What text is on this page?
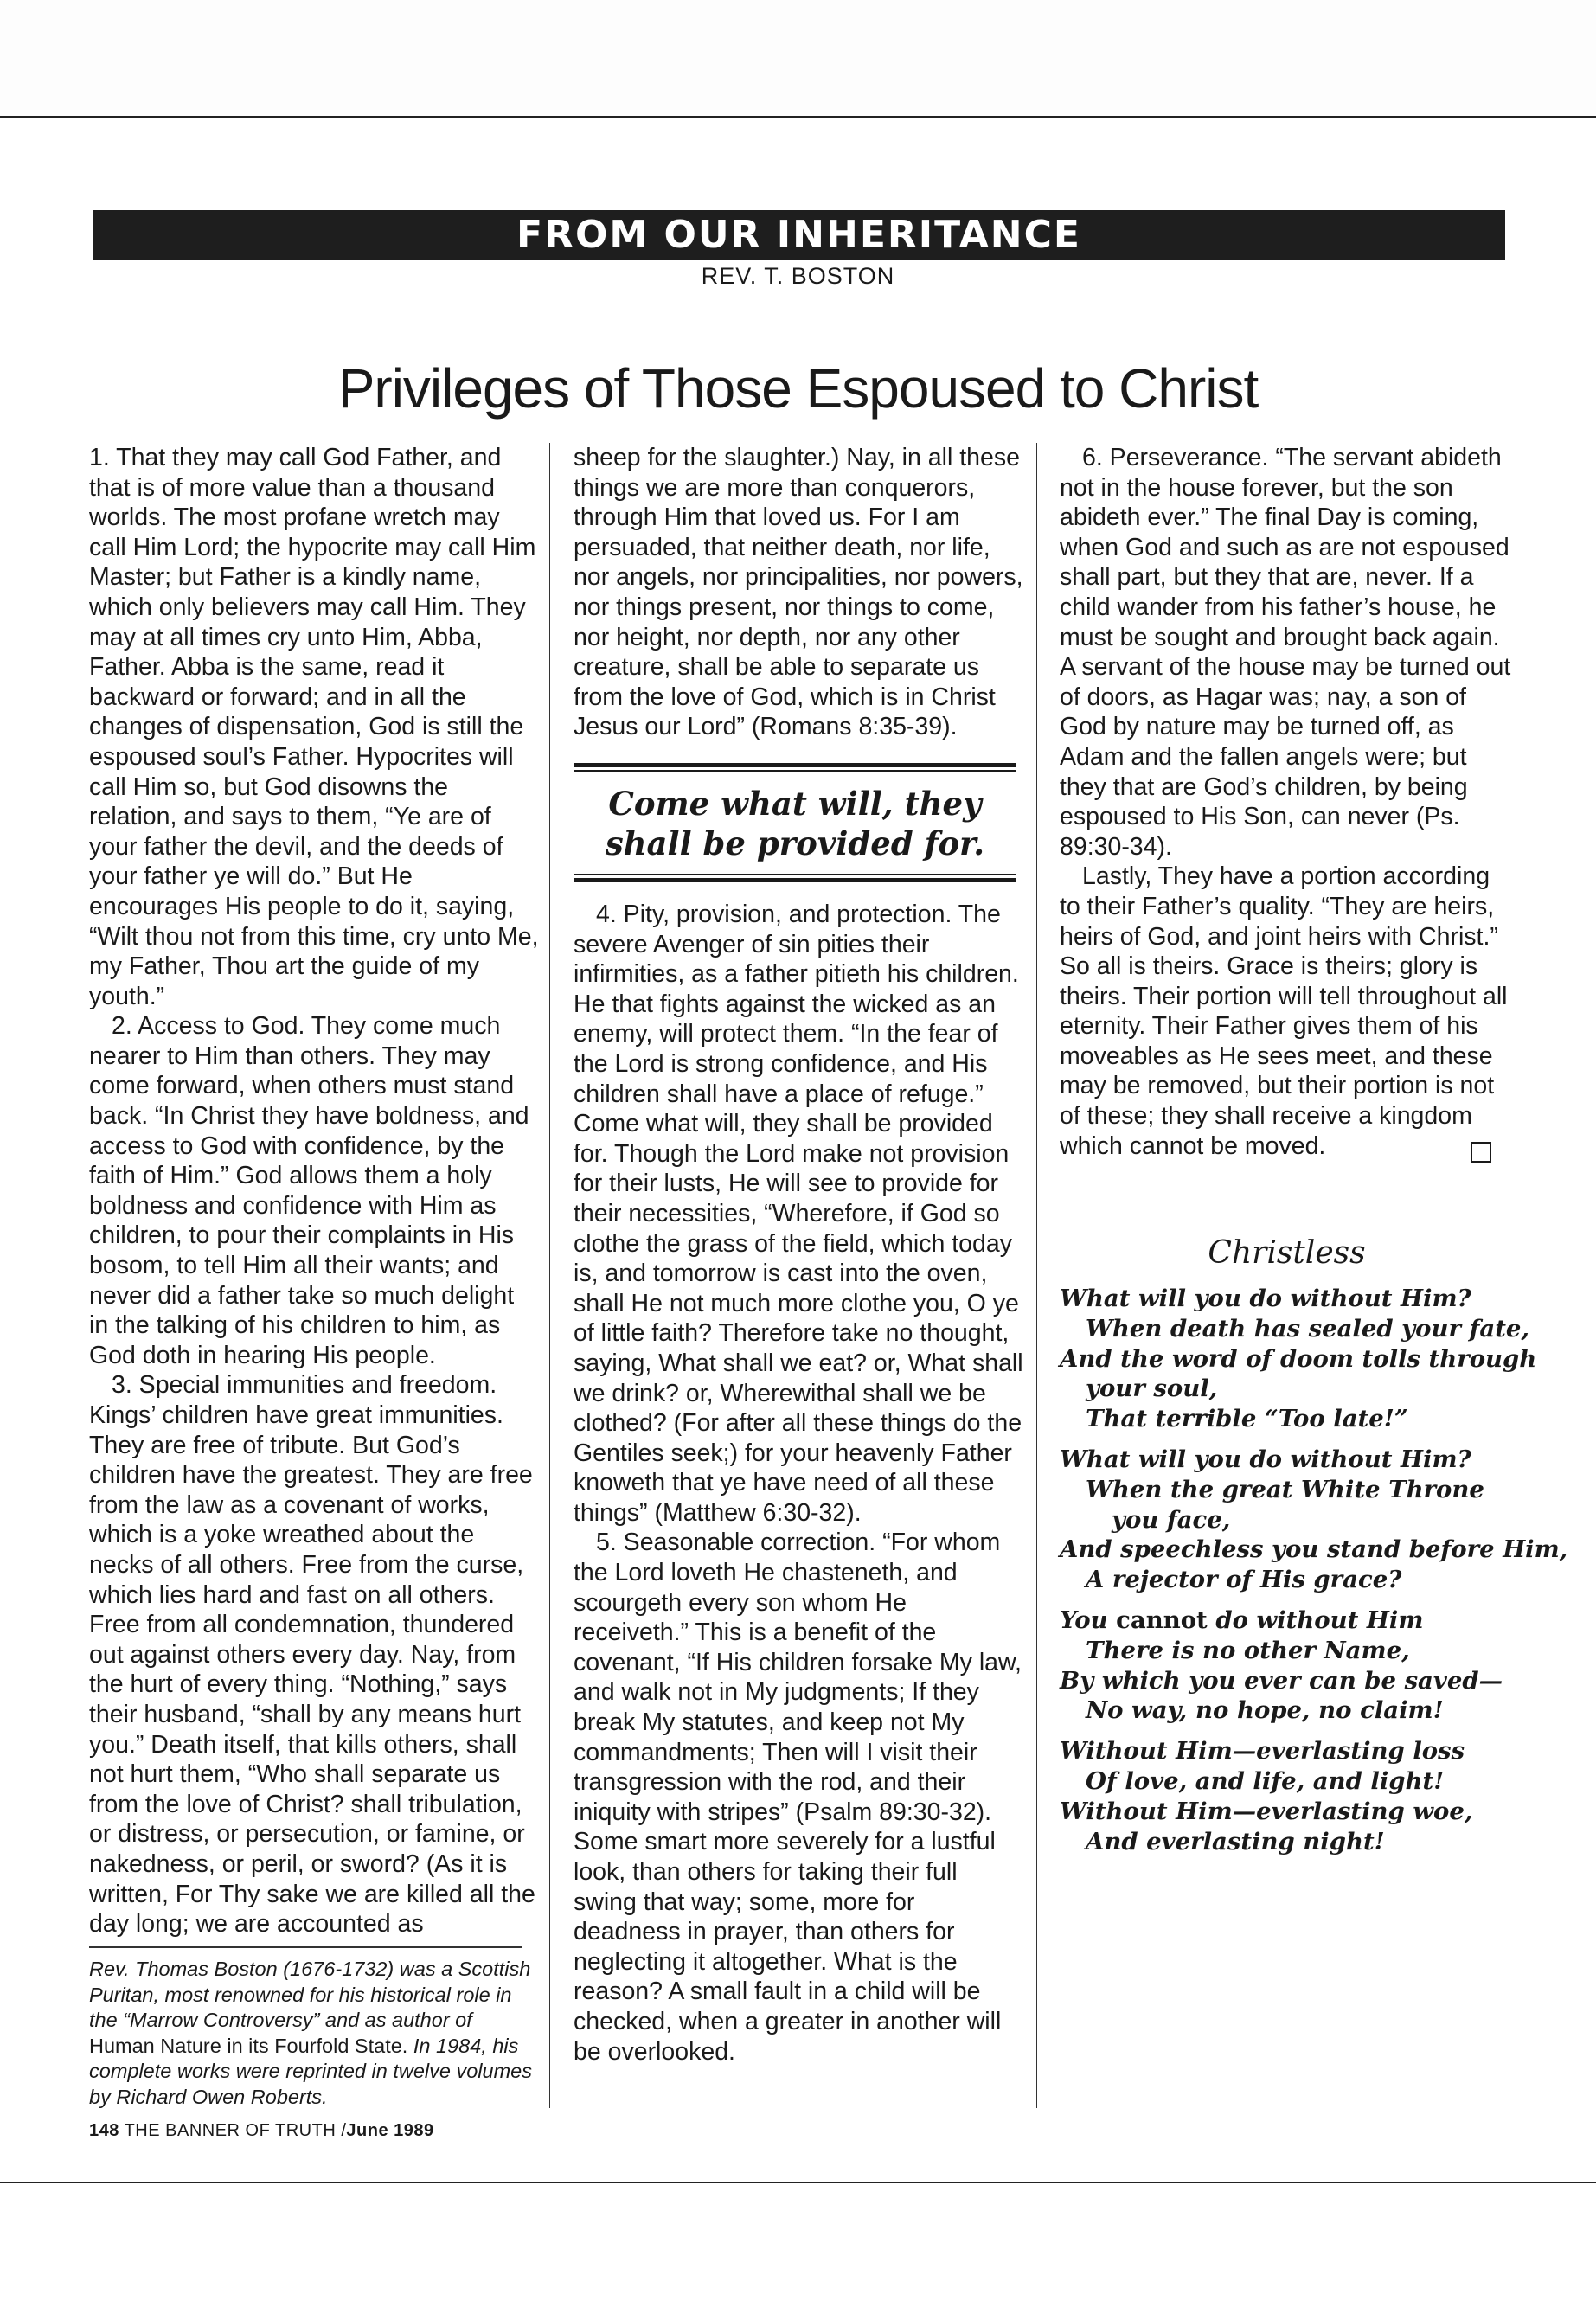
FROM OUR INHERITANCE
REV. T. BOSTON
Privileges of Those Espoused to Christ

1. That they may call God Father, and that is of more value than a thousand worlds. The most profane wretch may call Him Lord; the hypocrite may call Him Master; but Father is a kindly name, which only believers may call Him. They may at all times cry unto Him, Abba, Father. Abba is the same, read it backward or forward; and in all the changes of dispensation, God is still the espoused soul’s Father. Hypocrites will call Him so, but God disowns the relation, and says to them, “Ye are of your father the devil, and the deeds of your father ye will do.” But He encourages His people to do it, saying, “Wilt thou not from this time, cry unto Me, my Father, Thou art the guide of my youth.”

2. Access to God. They come much nearer to Him than others. They may come forward, when others must stand back. “In Christ they have boldness, and access to God with confidence, by the faith of Him.” God allows them a holy boldness and confidence with Him as children, to pour their complaints in His bosom, to tell Him all their wants; and never did a father take so much delight in the talking of his children to him, as God doth in hearing His people.

3. Special immunities and freedom. Kings’ children have great immunities. They are free of tribute. But God’s children have the greatest. They are free from the law as a covenant of works, which is a yoke wreathed about the necks of all others. Free from the curse, which lies hard and fast on all others. Free from all condemnation, thundered out against others every day. Nay, from the hurt of every thing. “Nothing,” says their husband, “shall by any means hurt you.” Death itself, that kills others, shall not hurt them, “Who shall separate us from the love of Christ? shall tribulation, or distress, or persecution, or famine, or nakedness, or peril, or sword? (As it is written, For Thy sake we are killed all the day long; we are accounted as

Rev. Thomas Boston (1676-1732) was a Scottish Puritan, most renowned for his historical role in the “Marrow Controversy” and as author of Human Nature in its Fourfold State. In 1984, his complete works were reprinted in twelve volumes by Richard Owen Roberts.
148 THE BANNER OF TRUTH /June 1989

sheep for the slaughter.) Nay, in all these things we are more than conquerors, through Him that loved us. For I am persuaded, that neither death, nor life, nor angels, nor principalities, nor powers, nor things present, nor things to come, nor height, nor depth, nor any other creature, shall be able to separate us from the love of God, which is in Christ Jesus our Lord” (Romans 8:35-39).

Come what will, they shall be provided for.

4. Pity, provision, and protection. The severe Avenger of sin pities their infirmities, as a father pitieth his children. He that fights against the wicked as an enemy, will protect them. “In the fear of the Lord is strong confidence, and His children shall have a place of refuge.” Come what will, they shall be provided for. Though the Lord make not provision for their lusts, He will see to provide for their necessities, “Wherefore, if God so clothe the grass of the field, which today is, and tomorrow is cast into the oven, shall He not much more clothe you, O ye of little faith? Therefore take no thought, saying, What shall we eat? or, What shall we drink? or, Wherewithal shall we be clothed? (For after all these things do the Gentiles seek;) for your heavenly Father knoweth that ye have need of all these things” (Matthew 6:30-32).

5. Seasonable correction. “For whom the Lord loveth He chasteneth, and scourgeth every son whom He receiveth.” This is a benefit of the covenant, “If His children forsake My law, and walk not in My judgments; If they break My statutes, and keep not My commandments; Then will I visit their transgression with the rod, and their iniquity with stripes” (Psalm 89:30-32). Some smart more severely for a lustful look, than others for taking their full swing that way; some, more for deadness in prayer, than others for neglecting it altogether. What is the reason? A small fault in a child will be checked, when a greater in another will be overlooked.

6. Perseverance. “The servant abideth not in the house forever, but the son abideth ever.” The final Day is coming, when God and such as are not espoused shall part, but they that are, never. If a child wander from his father’s house, he must be sought and brought back again. A servant of the house may be turned out of doors, as Hagar was; nay, a son of God by nature may be turned off, as Adam and the fallen angels were; but they that are God’s children, by being espoused to His Son, can never (Ps. 89:30-34).

Lastly, They have a portion according to their Father’s quality. “They are heirs, heirs of God, and joint heirs with Christ.” So all is theirs. Grace is theirs; glory is theirs. Their portion will tell throughout all eternity. Their Father gives them of his moveables as He sees meet, and these may be removed, but their portion is not of these; they shall receive a kingdom which cannot be moved.

Christless
What will you do without Him?
When death has sealed your fate,
And the word of doom tolls through
your soul,
That terrible “Too late!”
What will you do without Him?
When the great White Throne
you face,
And speechless you stand before Him,
A rejector of His grace?
You cannot do without Him
There is no other Name,
By which you ever can be saved—
No way, no hope, no claim!
Without Him—everlasting loss
Of love, and life, and light!
Without Him—everlasting woe,
And everlasting night!
